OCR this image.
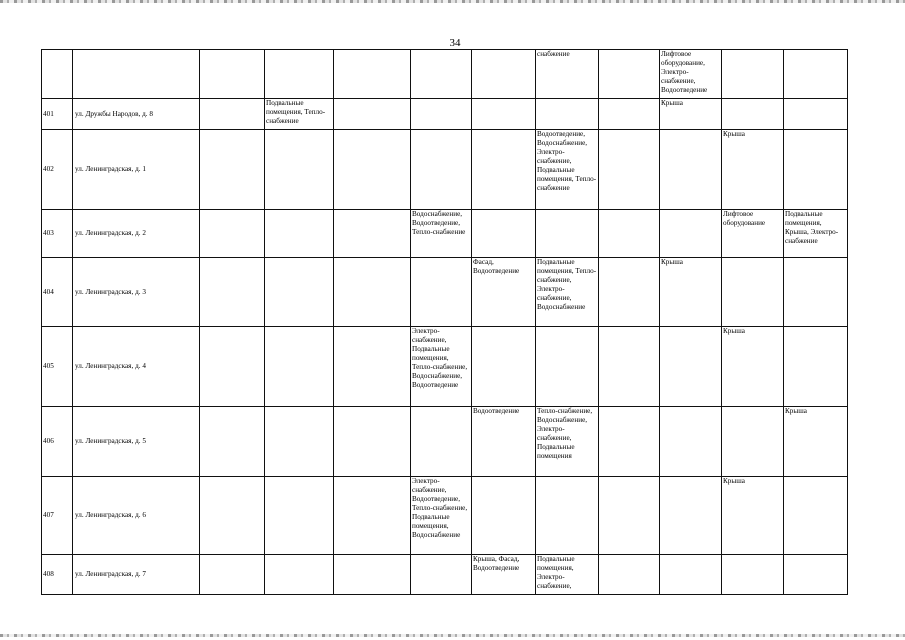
34
							снабжение		Лифтовое оборудование, Электро-снабжение, Водоотведение		
401	ул. Дружбы Народов, д. 8		Подвальные помещения, Тепло-снабжение						Крыша		
402	ул. Ленинградская, д. 1						Водоотведение, Водоснабжение, Электро-снабжение, Подвальные помещения, Тепло-снабжение			Крыша	
403	ул. Ленинградская, д. 2				Водоснабжение, Водоотведение, Тепло-снабжение					Лифтовое оборудование	Подвальные помещения, Крыша, Электро-снабжение
404	ул. Ленинградская, д. 3					Фасад, Водоотведение	Подвальные помещения, Тепло-снабжение, Электро-снабжение, Водоснабжение		Крыша		
405	ул. Ленинградская, д. 4				Электро-снабжение, Подвальные помещения, Тепло-снабжение, Водоснабжение, Водоотведение					Крыша	
406	ул. Ленинградская, д. 5					Водоотведение	Тепло-снабжение, Водоснабжение, Электро-снабжение, Подвальные помещения				Крыша
407	ул. Ленинградская, д. 6				Электро-снабжение, Водоотведение, Тепло-снабжение, Подвальные помещения, Водоснабжение					Крыша	
408	ул. Ленинградская, д. 7					Крыша, Фасад, Водоотведение	Подвальные помещения, Электро-снабжение,				
